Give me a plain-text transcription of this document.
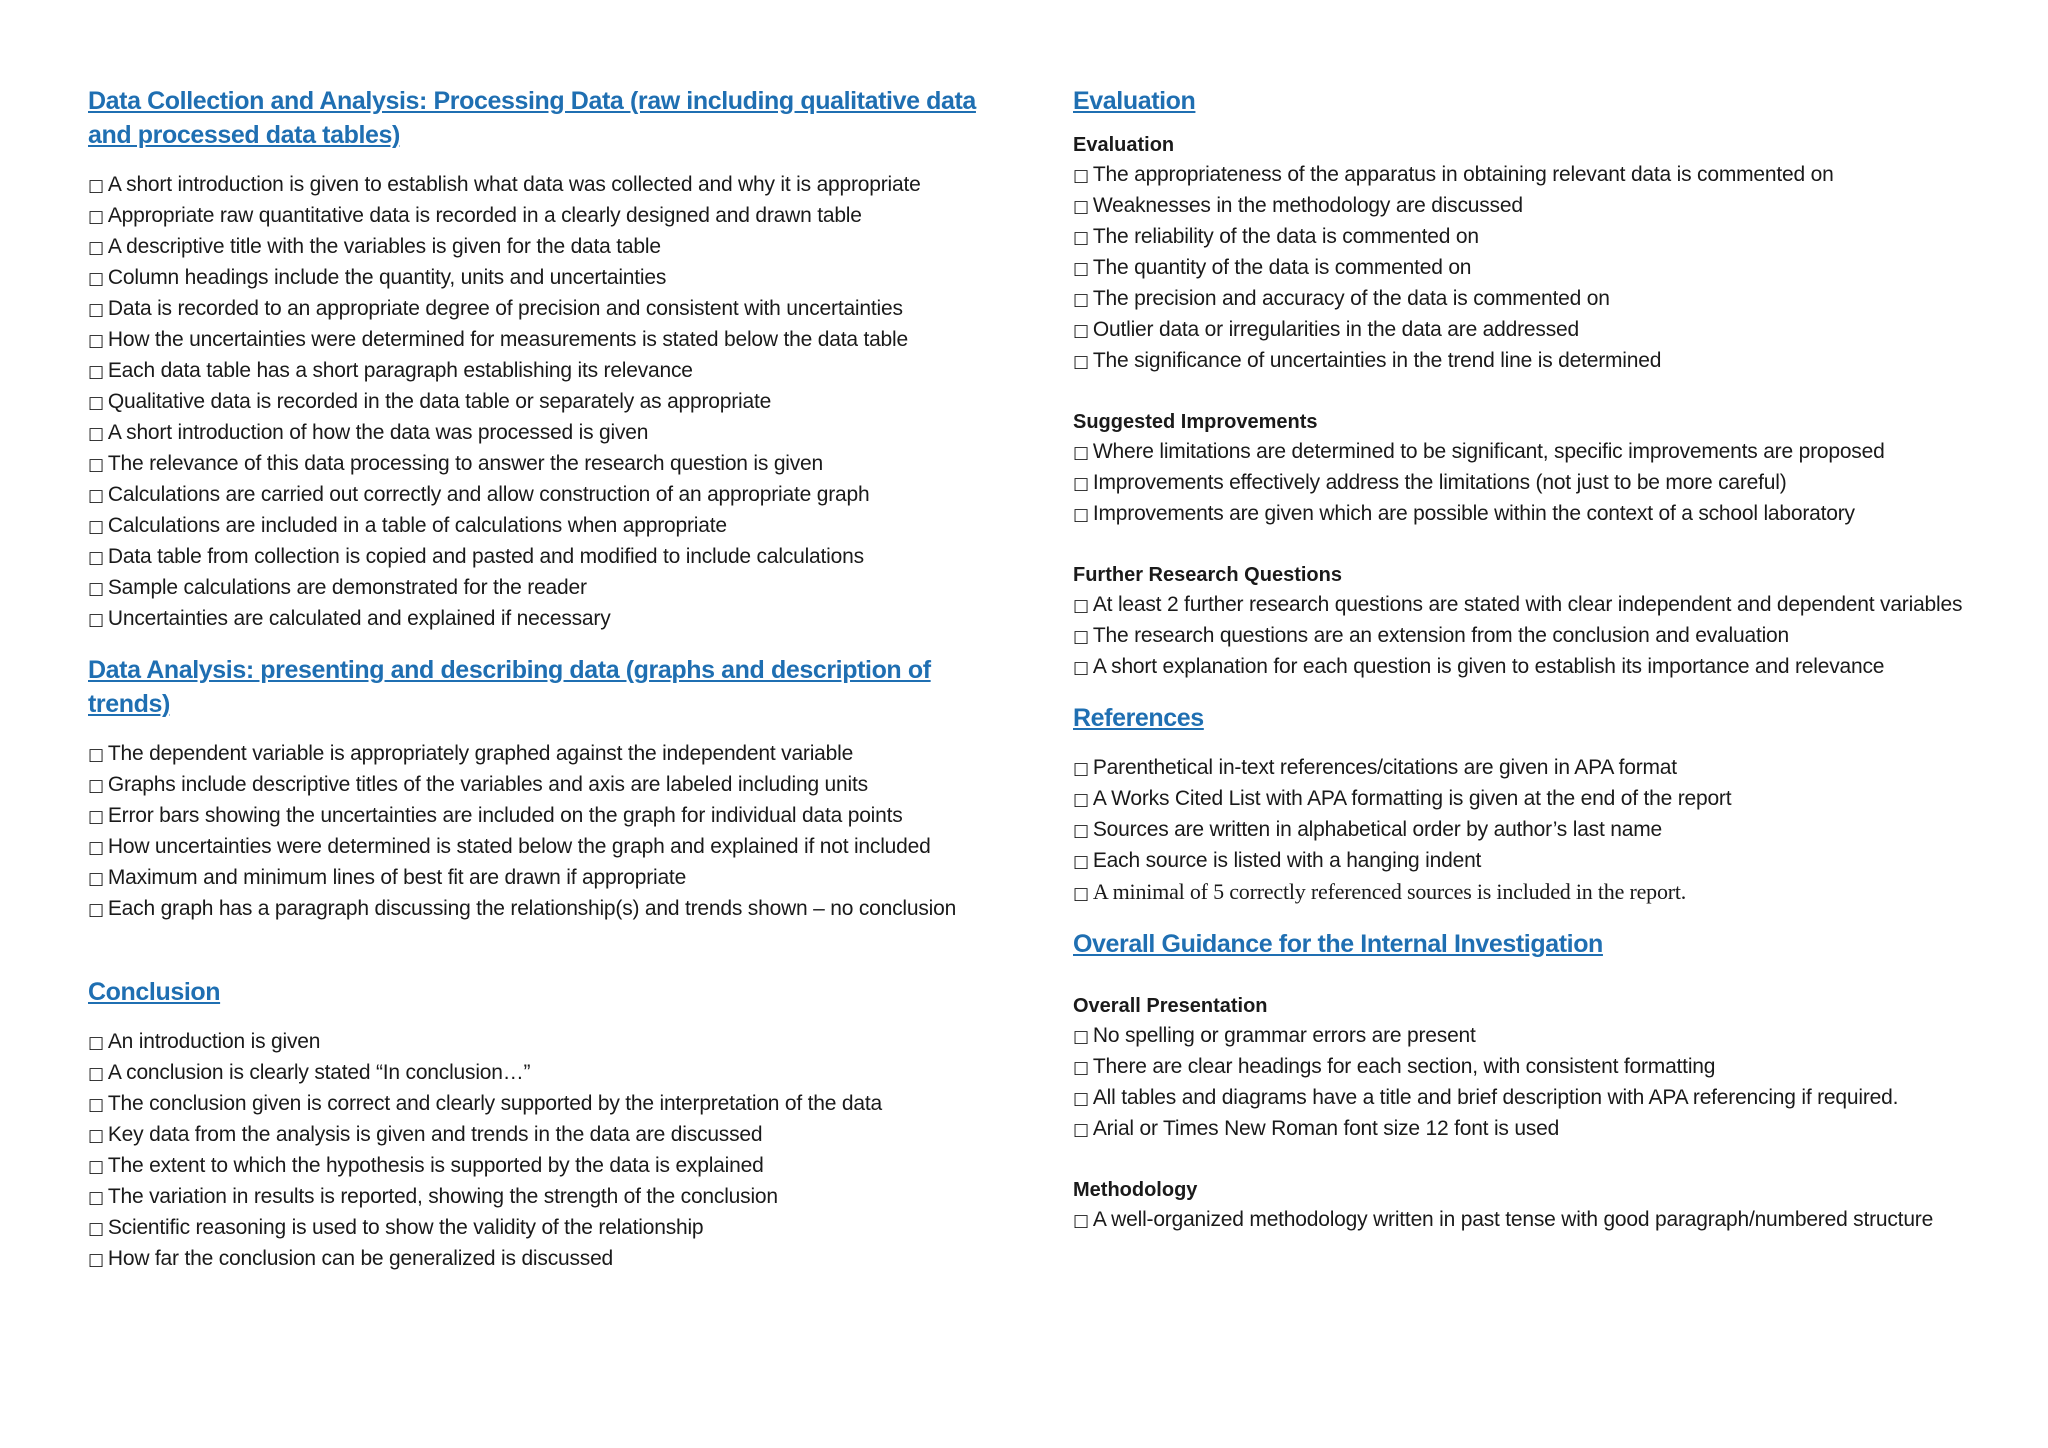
Data Collection and Analysis: Processing Data (raw including qualitative data and processed data tables)

□ A short introduction is given to establish what data was collected and why it is appropriate

□ Appropriate raw quantitative data is recorded in a clearly designed and drawn table

□ A descriptive title with the variables is given for the data table

□ Column headings include the quantity, units and uncertainties

□ Data is recorded to an appropriate degree of precision and consistent with uncertainties

□ How the uncertainties were determined for measurements is stated below the data table

□ Each data table has a short paragraph establishing its relevance

□ Qualitative data is recorded in the data table or separately as appropriate

□ A short introduction of how the data was processed is given

□ The relevance of this data processing to answer the research question is given

□ Calculations are carried out correctly and allow construction of an appropriate graph

□ Calculations are included in a table of calculations when appropriate

□ Data table from collection is copied and pasted and modified to include calculations

□ Sample calculations are demonstrated for the reader

□ Uncertainties are calculated and explained if necessary

Data Analysis: presenting and describing data (graphs and description of trends)

□ The dependent variable is appropriately graphed against the independent variable

□ Graphs include descriptive titles of the variables and axis are labeled including units

□ Error bars showing the uncertainties are included on the graph for individual data points

□ How uncertainties were determined is stated below the graph and explained if not included

□ Maximum and minimum lines of best fit are drawn if appropriate

□ Each graph has a paragraph discussing the relationship(s) and trends shown – no conclusion

Conclusion

□ An introduction is given

□ A conclusion is clearly stated “In conclusion…”

□ The conclusion given is correct and clearly supported by the interpretation of the data

□ Key data from the analysis is given and trends in the data are discussed

□ The extent to which the hypothesis is supported by the data is explained

□ The variation in results is reported, showing the strength of the conclusion

□ Scientific reasoning is used to show the validity of the relationship

□ How far the conclusion can be generalized is discussed

Evaluation

Evaluation

□ The appropriateness of the apparatus in obtaining relevant data is commented on

□ Weaknesses in the methodology are discussed

□ The reliability of the data is commented on

□ The quantity of the data is commented on

□ The precision and accuracy of the data is commented on

□ Outlier data or irregularities in the data are addressed

□ The significance of uncertainties in the trend line is determined

Suggested Improvements

□ Where limitations are determined to be significant, specific improvements are proposed

□ Improvements effectively address the limitations (not just to be more careful)

□ Improvements are given which are possible within the context of a school laboratory

Further Research Questions

□ At least 2 further research questions are stated with clear independent and dependent variables

□ The research questions are an extension from the conclusion and evaluation

□ A short explanation for each question is given to establish its importance and relevance

References

□ Parenthetical in-text references/citations are given in APA format

□ A Works Cited List with APA formatting is given at the end of the report

□ Sources are written in alphabetical order by author’s last name

□ Each source is listed with a hanging indent

□ A minimal of 5 correctly referenced sources is included in the report.

Overall Guidance for the Internal Investigation

Overall Presentation

□ No spelling or grammar errors are present

□ There are clear headings for each section, with consistent formatting

□ All tables and diagrams have a title and brief description with APA referencing if required.

□ Arial or Times New Roman font size 12 font is used

Methodology

□ A well-organized methodology written in past tense with good paragraph/numbered structure
